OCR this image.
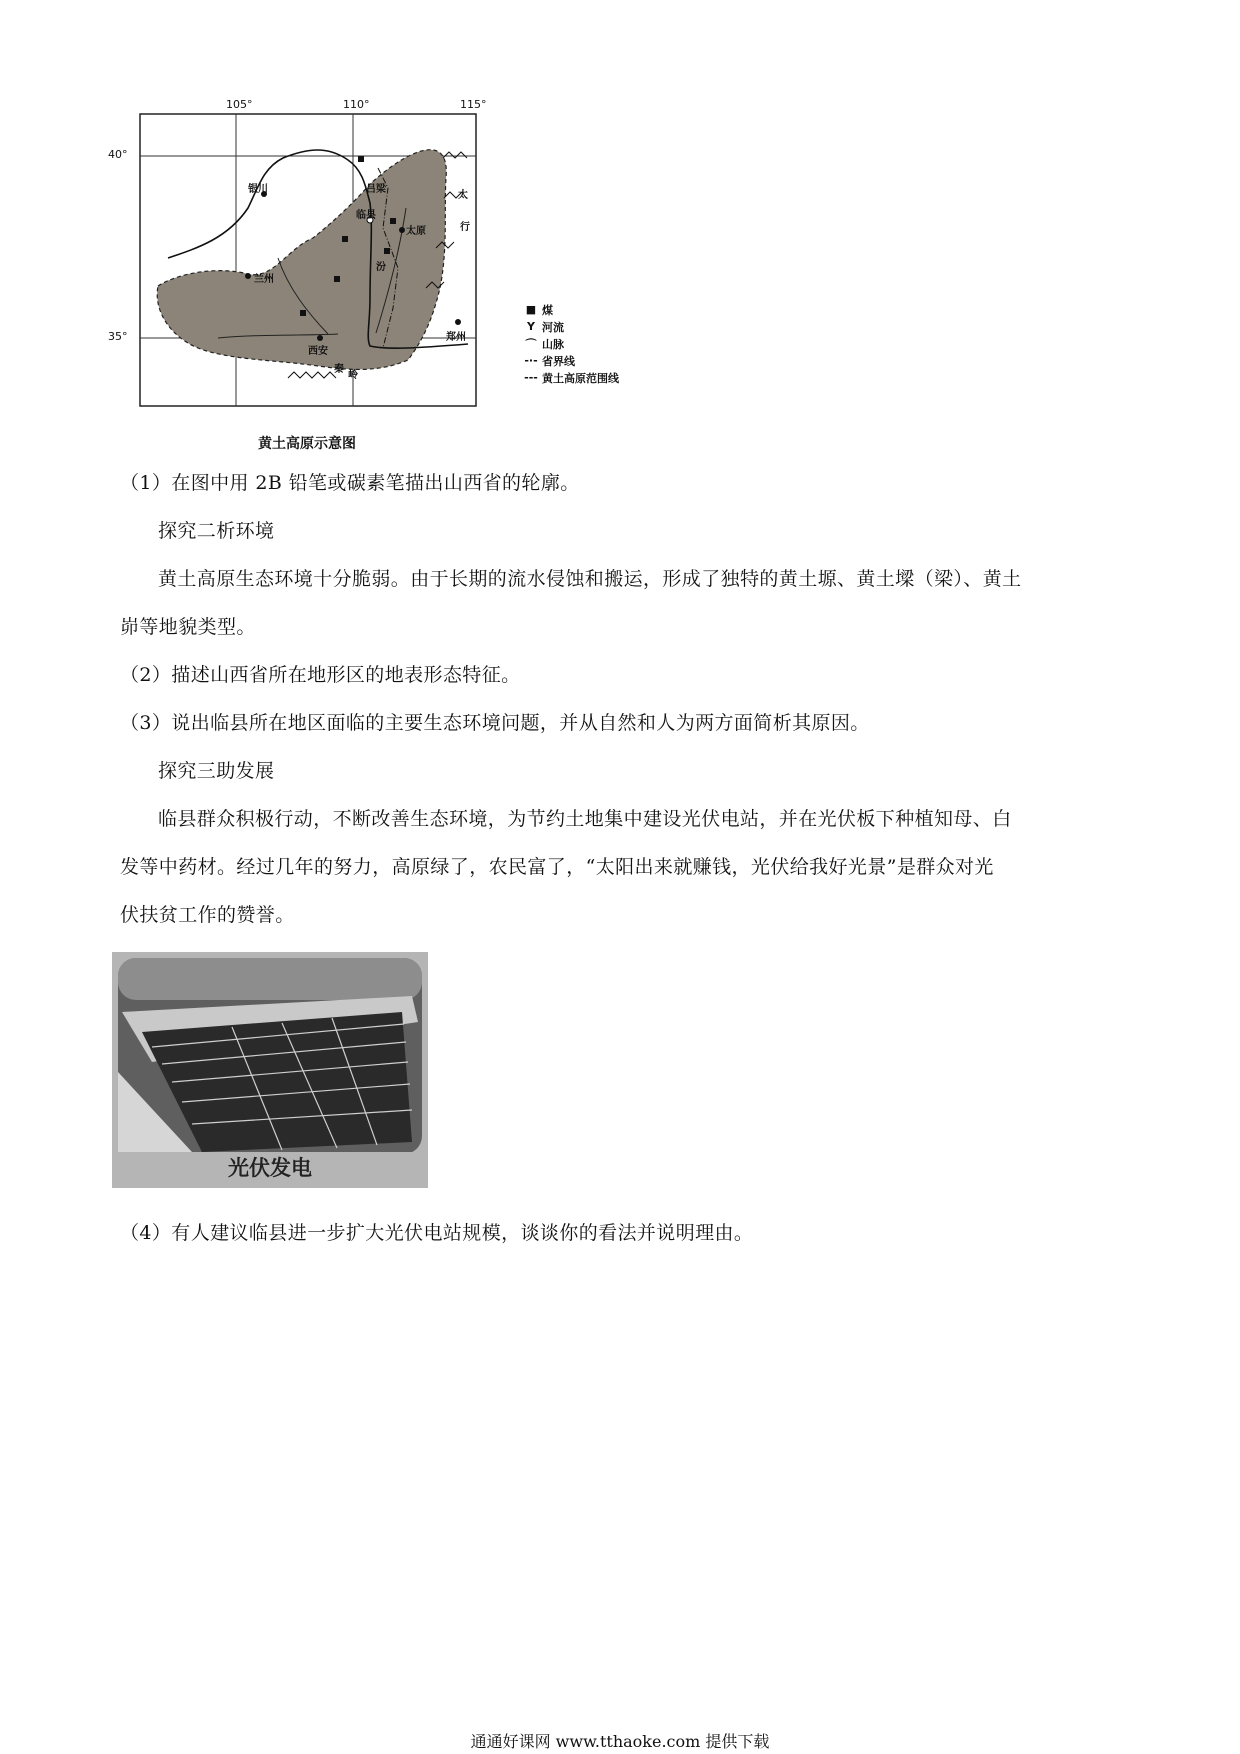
105°	110°	115°
40°
35°
银川
兰州
临县
太原
西安
郑州
吕梁
汾
太
行
秦
岭
■ 煤
Y 河流
⌒ 山脉
-·- 省界线
--- 黄土高原范围线
黄土高原示意图
（1）在图中用 2B 铅笔或碳素笔描出山西省的轮廓。
探究二析环境
黄土高原生态环境十分脆弱。由于长期的流水侵蚀和搬运，形成了独特的黄土塬、黄土墚（梁）、黄土
峁等地貌类型。
（2）描述山西省所在地形区的地表形态特征。
（3）说出临县所在地区面临的主要生态环境问题，并从自然和人为两方面简析其原因。
探究三助发展
临县群众积极行动，不断改善生态环境，为节约土地集中建设光伏电站，并在光伏板下种植知母、白
发等中药材。经过几年的努力，高原绿了，农民富了，“太阳出来就赚钱，光伏给我好光景”是群众对光
伏扶贫工作的赞誉。
光伏发电
（4）有人建议临县进一步扩大光伏电站规模，谈谈你的看法并说明理由。
通通好课网 www.tthaoke.com 提供下载
